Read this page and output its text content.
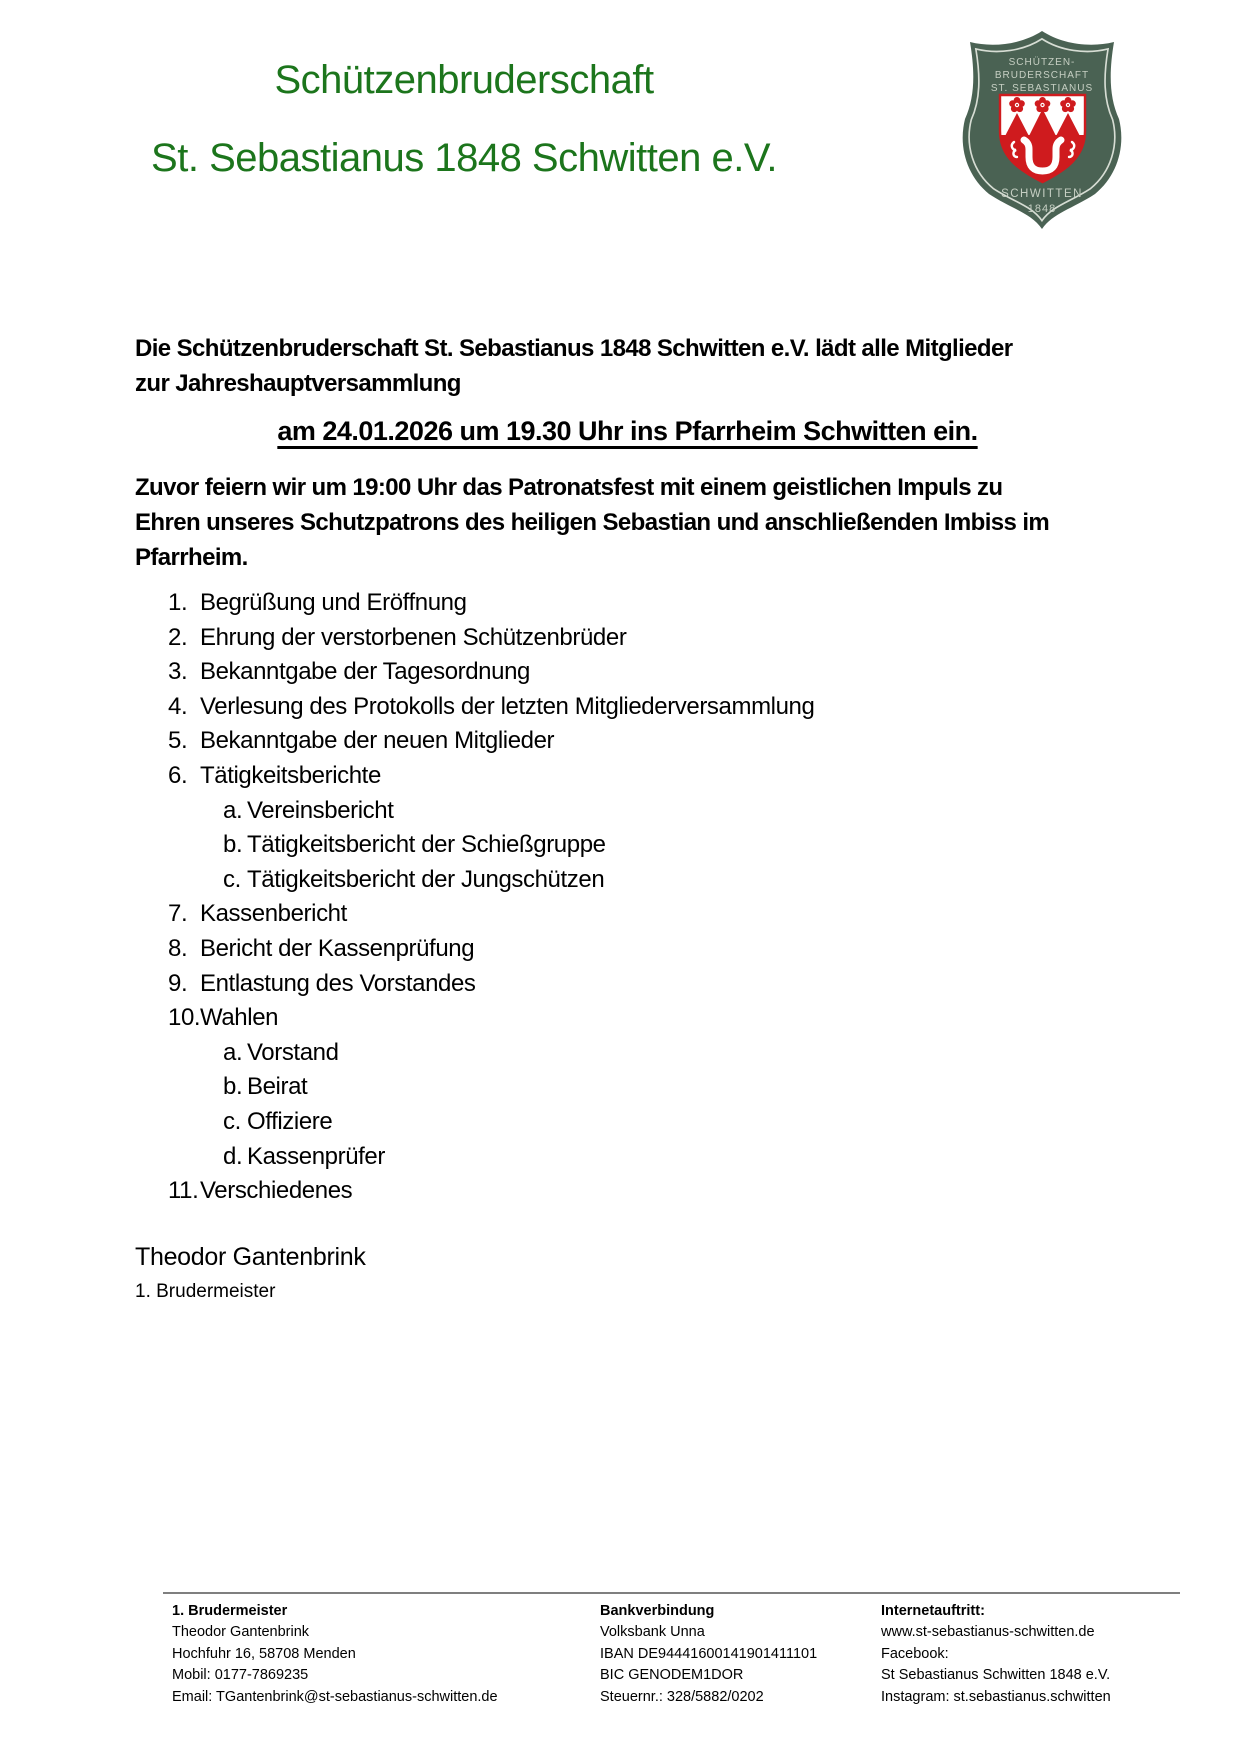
Schützenbruderschaft
St. Sebastianus 1848 Schwitten e.V.
SCHÜTZEN-
BRUDERSCHAFT
ST. SEBASTIANUS
SCHWITTEN
1848
Die Schützenbruderschaft St. Sebastianus 1848 Schwitten e.V. lädt alle Mitglieder
zur Jahreshauptversammlung
am 24.01.2026 um 19.30 Uhr ins Pfarrheim Schwitten ein.
Zuvor feiern wir um 19:00 Uhr das Patronatsfest mit einem geistlichen Impuls zu
Ehren unseres Schutzpatrons des heiligen Sebastian und anschließenden Imbiss im
Pfarrheim.
1. Begrüßung und Eröffnung
2. Ehrung der verstorbenen Schützenbrüder
3. Bekanntgabe der Tagesordnung
4. Verlesung des Protokolls der letzten Mitgliederversammlung
5. Bekanntgabe der neuen Mitglieder
6. Tätigkeitsberichte
a. Vereinsbericht
b. Tätigkeitsbericht der Schießgruppe
c. Tätigkeitsbericht der Jungschützen
7. Kassenbericht
8. Bericht der Kassenprüfung
9. Entlastung des Vorstandes
10.Wahlen
a. Vorstand
b. Beirat
c. Offiziere
d. Kassenprüfer
11.Verschiedenes
Theodor Gantenbrink
1. Brudermeister
1. Brudermeister
Theodor Gantenbrink
Hochfuhr 16, 58708 Menden
Mobil: 0177-7869235
Email: TGantenbrink@st-sebastianus-schwitten.de
Bankverbindung
Volksbank Unna
IBAN DE94441600141901411101
BIC GENODEM1DOR
Steuernr.: 328/5882/0202
Internetauftritt:
www.st-sebastianus-schwitten.de
Facebook:
St Sebastianus Schwitten 1848 e.V.
Instagram: st.sebastianus.schwitten
